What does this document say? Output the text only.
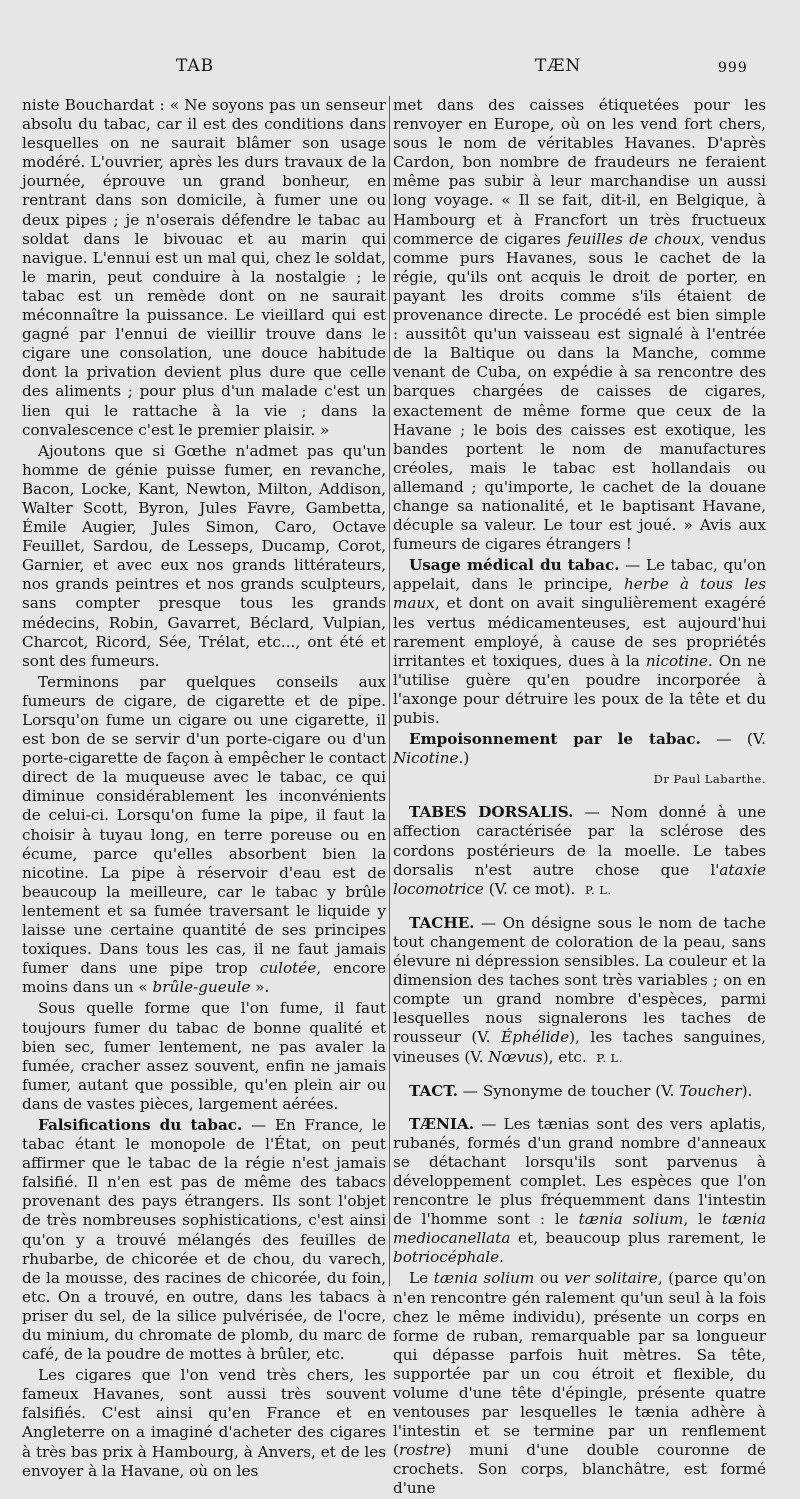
TAB	TÆN	999

niste Bouchardat : « Ne soyons pas un senseur absolu du tabac, car il est des conditions dans lesquelles on ne saurait blâmer son usage modéré. L'ouvrier, après les durs travaux de la journée, éprouve un grand bonheur, en rentrant dans son domicile, à fumer une ou deux pipes ; je n'oserais défendre le tabac au soldat dans le bivouac et au marin qui navigue. L'ennui est un mal qui, chez le soldat, le marin, peut conduire à la nostalgie ; le tabac est un remède dont on ne saurait méconnaître la puissance. Le vieillard qui est gagné par l'ennui de vieillir trouve dans le cigare une consolation, une douce habitude dont la privation devient plus dure que celle des aliments ; pour plus d'un malade c'est un lien qui le rattache à la vie ; dans la convalescence c'est le premier plaisir. »

Ajoutons que si Gœthe n'admet pas qu'un homme de génie puisse fumer, en revanche, Bacon, Locke, Kant, Newton, Milton, Addison, Walter Scott, Byron, Jules Favre, Gambetta, Émile Augier, Jules Simon, Caro, Octave Feuillet, Sardou, de Lesseps, Ducamp, Corot, Garnier, et avec eux nos grands littérateurs, nos grands peintres et nos grands sculpteurs, sans compter presque tous les grands médecins, Robin, Gavarret, Béclard, Vulpian, Charcot, Ricord, Sée, Trélat, etc..., ont été et sont des fumeurs.

Terminons par quelques conseils aux fumeurs de cigare, de cigarette et de pipe. Lorsqu'on fume un cigare ou une cigarette, il est bon de se servir d'un porte-cigare ou d'un porte-cigarette de façon à empêcher le contact direct de la muqueuse avec le tabac, ce qui diminue considérablement les inconvénients de celui-ci. Lorsqu'on fume la pipe, il faut la choisir à tuyau long, en terre poreuse ou en écume, parce qu'elles absorbent bien la nicotine. La pipe à réservoir d'eau est de beaucoup la meilleure, car le tabac y brûle lentement et sa fumée traversant le liquide y laisse une certaine quantité de ses principes toxiques. Dans tous les cas, il ne faut jamais fumer dans une pipe trop culotée, encore moins dans un « brûle-gueule ».

Sous quelle forme que l'on fume, il faut toujours fumer du tabac de bonne qualité et bien sec, fumer lentement, ne pas avaler la fumée, cracher assez souvent, enfin ne jamais fumer, autant que possible, qu'en plein air ou dans de vastes pièces, largement aérées.

Falsifications du tabac. — En France, le tabac étant le monopole de l'État, on peut affirmer que le tabac de la régie n'est jamais falsifié. Il n'en est pas de même des tabacs provenant des pays étrangers. Ils sont l'objet de très nombreuses sophistications, c'est ainsi qu'on y a trouvé mélangés des feuilles de rhubarbe, de chicorée et de chou, du varech, de la mousse, des racines de chicorée, du foin, etc. On a trouvé, en outre, dans les tabacs à priser du sel, de la silice pulvérisée, de l'ocre, du minium, du chromate de plomb, du marc de café, de la poudre de mottes à brûler, etc.

Les cigares que l'on vend très chers, les fameux Havanes, sont aussi très souvent falsifiés. C'est ainsi qu'en France et en Angleterre on a imaginé d'acheter des cigares à très bas prix à Hambourg, à Anvers, et de les envoyer à la Havane, où on les

met dans des caisses étiquetées pour les renvoyer en Europe, où on les vend fort chers, sous le nom de véritables Havanes. D'après Cardon, bon nombre de fraudeurs ne feraient même pas subir à leur marchandise un aussi long voyage. « Il se fait, dit-il, en Belgique, à Hambourg et à Francfort un très fructueux commerce de cigares feuilles de choux, vendus comme purs Havanes, sous le cachet de la régie, qu'ils ont acquis le droit de porter, en payant les droits comme s'ils étaient de provenance directe. Le procédé est bien simple : aussitôt qu'un vaisseau est signalé à l'entrée de la Baltique ou dans la Manche, comme venant de Cuba, on expédie à sa rencontre des barques chargées de caisses de cigares, exactement de même forme que ceux de la Havane ; le bois des caisses est exotique, les bandes portent le nom de manufactures créoles, mais le tabac est hollandais ou allemand ; qu'importe, le cachet de la douane change sa nationalité, et le baptisant Havane, décuple sa valeur. Le tour est joué. » Avis aux fumeurs de cigares étrangers !

Usage médical du tabac. — Le tabac, qu'on appelait, dans le principe, herbe à tous les maux, et dont on avait singulièrement exagéré les vertus médicamenteuses, est aujourd'hui rarement employé, à cause de ses propriétés irritantes et toxiques, dues à la nicotine. On ne l'utilise guère qu'en poudre incorporée à l'axonge pour détruire les poux de la tête et du pubis.

Empoisonnement par le tabac. — (V. Nicotine.)

Dr Paul Labarthe.

TABES DORSALIS. — Nom donné à une affection caractérisée par la sclérose des cordons postérieurs de la moelle. Le tabes dorsalis n'est autre chose que l'ataxie locomotrice (V. ce mot). P. L.

TACHE. — On désigne sous le nom de tache tout changement de coloration de la peau, sans élevure ni dépression sensibles. La couleur et la dimension des taches sont très variables ; on en compte un grand nombre d'espèces, parmi lesquelles nous signalerons les taches de rousseur (V. Éphélide), les taches sanguines, vineuses (V. Nœvus), etc. P. L.

TACT. — Synonyme de toucher (V. Toucher).

TÆNIA. — Les tænias sont des vers aplatis, rubanés, formés d'un grand nombre d'anneaux se détachant lorsqu'ils sont parvenus à développement complet. Les espèces que l'on rencontre le plus fréquemment dans l'intestin de l'homme sont : le tænia solium, le tænia mediocanellata et, beaucoup plus rarement, le botriocéphale.

Le tænia solium ou ver solitaire, (parce qu'on n'en rencontre gén ralement qu'un seul à la fois chez le même individu), présente un corps en forme de ruban, remarquable par sa longueur qui dépasse parfois huit mètres. Sa tête, supportée par un cou étroit et flexible, du volume d'une tête d'épingle, présente quatre ventouses par lesquelles le tænia adhère à l'intestin et se termine par un renflement (rostre) muni d'une double couronne de crochets. Son corps, blanchâtre, est formé d'une
